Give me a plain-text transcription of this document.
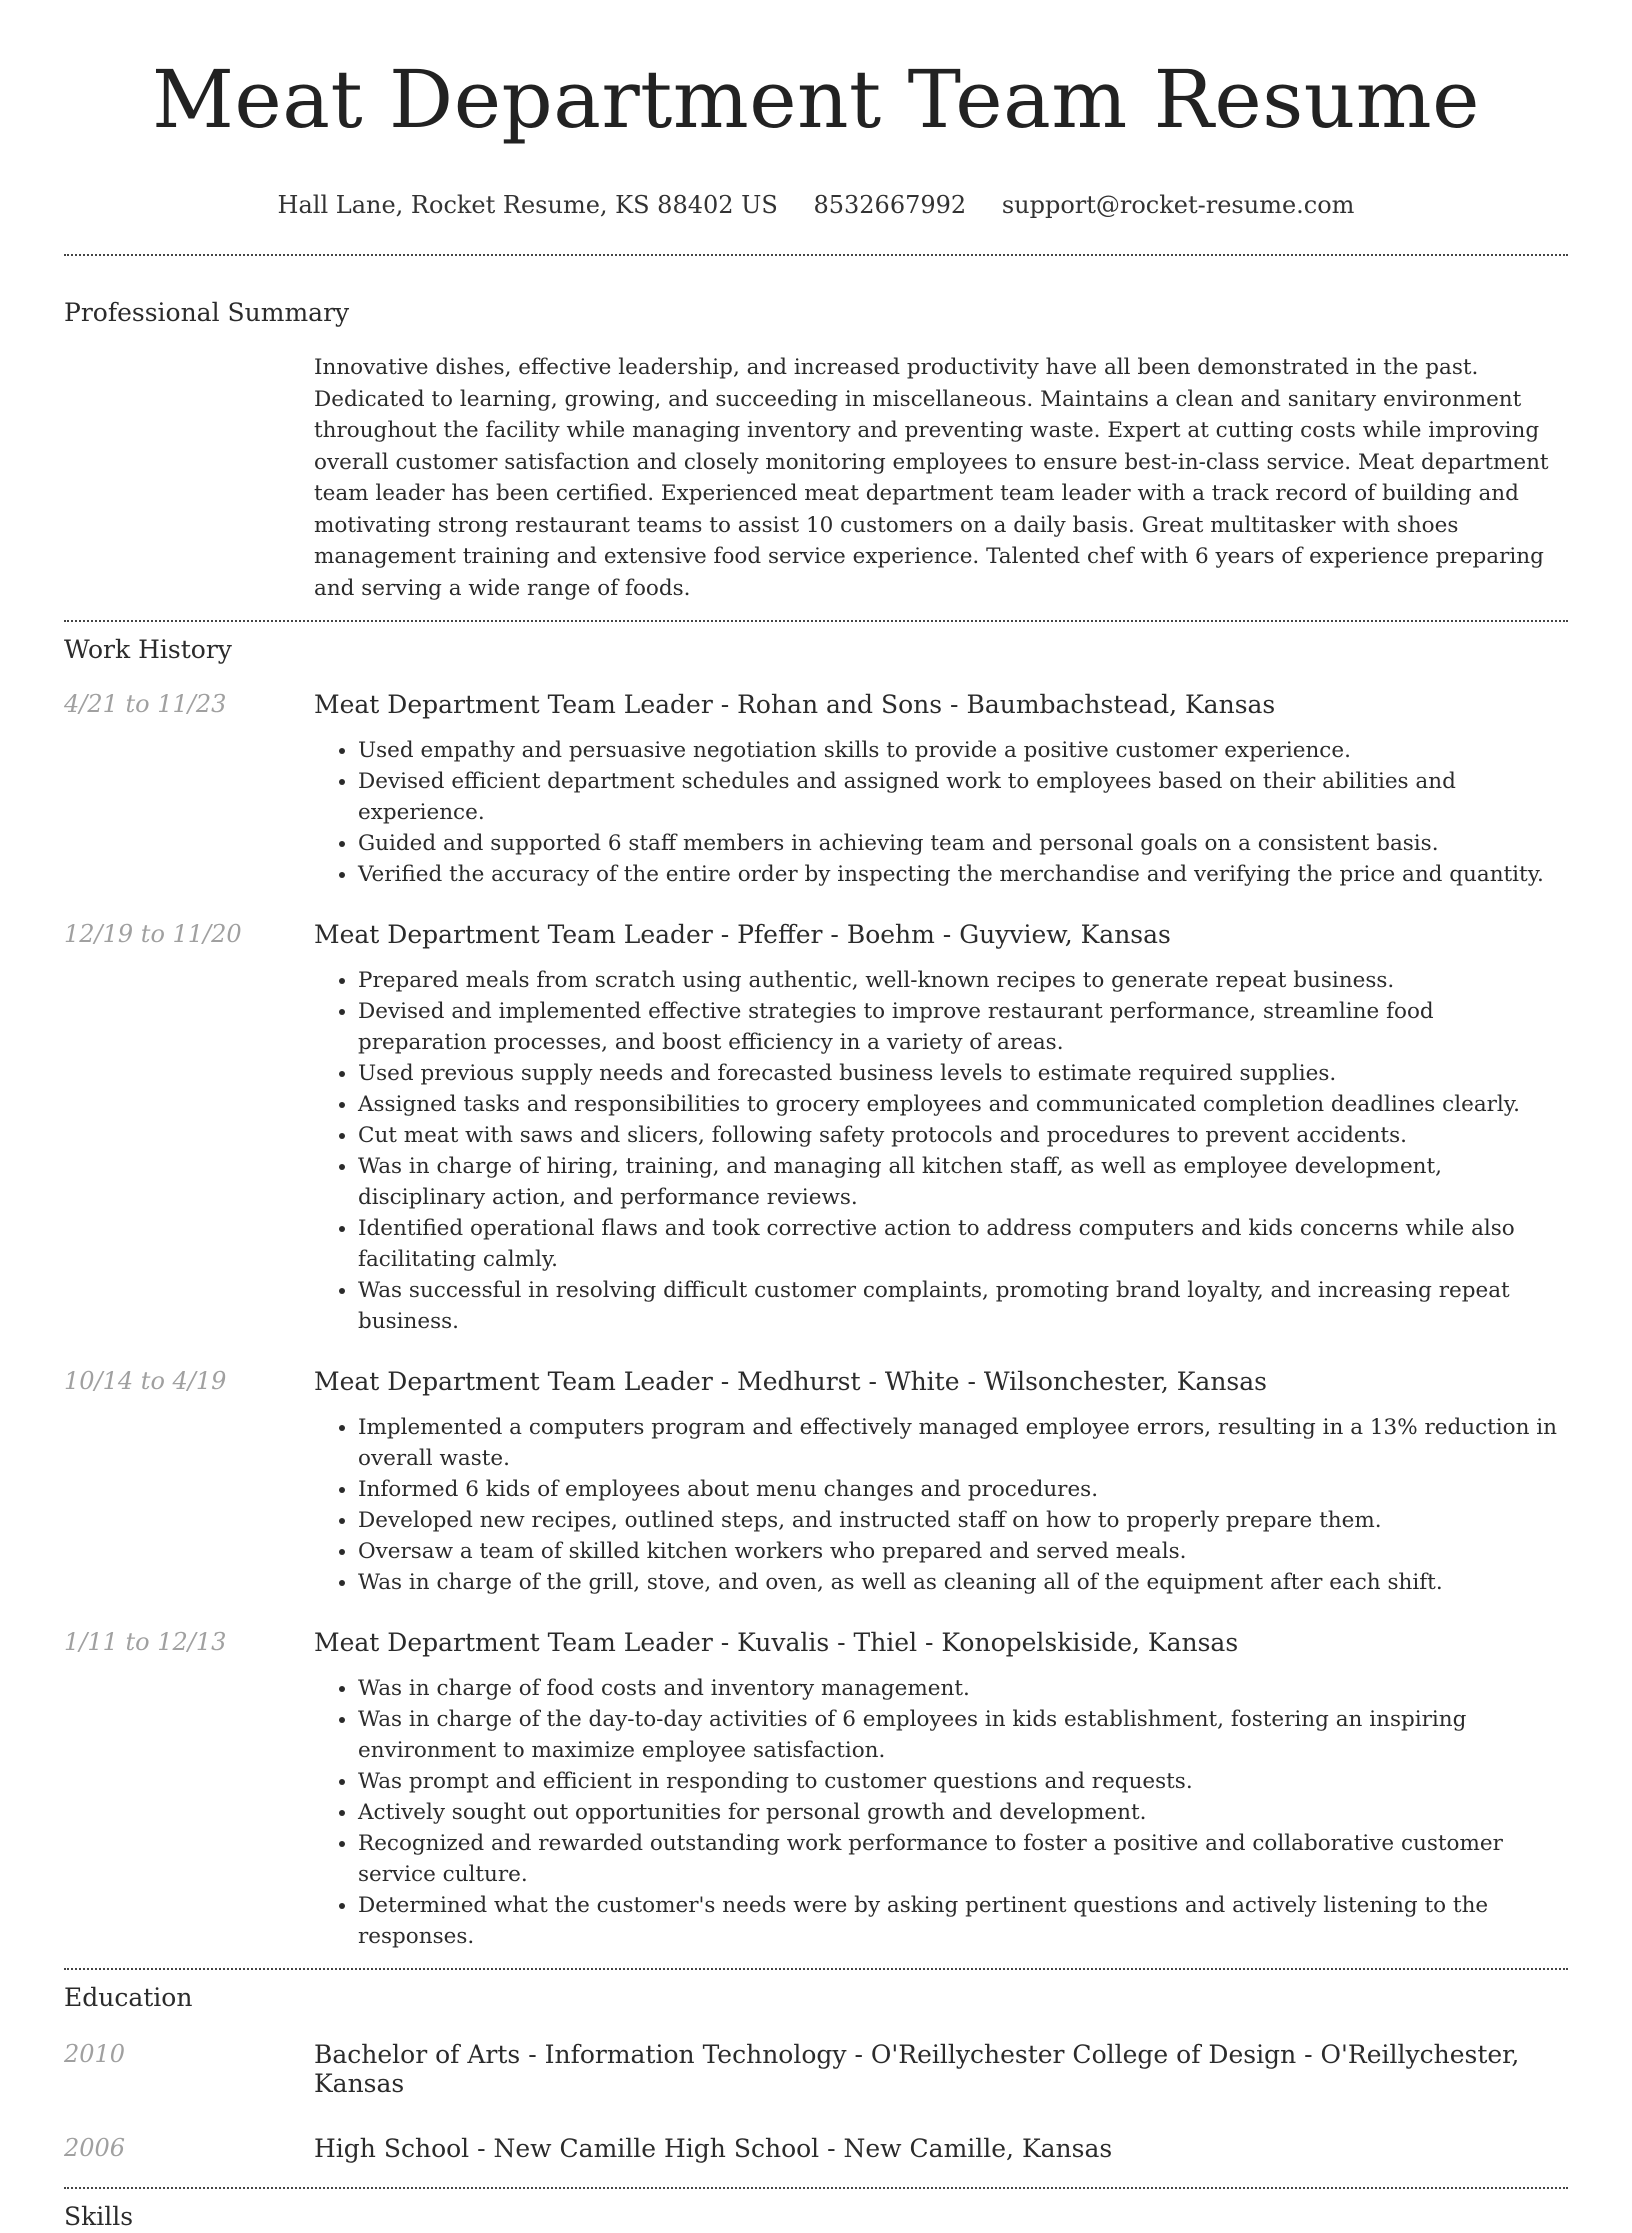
Meat Department Team Resume
Hall Lane, Rocket Resume, KS 88402 US 8532667992 support@rocket-resume.com
Professional Summary
Innovative dishes, effective leadership, and increased productivity have all been demonstrated in the past. Dedicated to learning, growing, and succeeding in miscellaneous. Maintains a clean and sanitary environment throughout the facility while managing inventory and preventing waste. Expert at cutting costs while improving overall customer satisfaction and closely monitoring employees to ensure best-in-class service. Meat department team leader has been certified. Experienced meat department team leader with a track record of building and motivating strong restaurant teams to assist 10 customers on a daily basis. Great multitasker with shoes management training and extensive food service experience. Talented chef with 6 years of experience preparing and serving a wide range of foods.
Work History
4/21 to 11/23	Meat Department Team Leader - Rohan and Sons - Baumbachstead, Kansas
• Used empathy and persuasive negotiation skills to provide a positive customer experience.
• Devised efficient department schedules and assigned work to employees based on their abilities and experience.
• Guided and supported 6 staff members in achieving team and personal goals on a consistent basis.
• Verified the accuracy of the entire order by inspecting the merchandise and verifying the price and quantity.
12/19 to 11/20	Meat Department Team Leader - Pfeffer - Boehm - Guyview, Kansas
• Prepared meals from scratch using authentic, well-known recipes to generate repeat business.
• Devised and implemented effective strategies to improve restaurant performance, streamline food preparation processes, and boost efficiency in a variety of areas.
• Used previous supply needs and forecasted business levels to estimate required supplies.
• Assigned tasks and responsibilities to grocery employees and communicated completion deadlines clearly.
• Cut meat with saws and slicers, following safety protocols and procedures to prevent accidents.
• Was in charge of hiring, training, and managing all kitchen staff, as well as employee development, disciplinary action, and performance reviews.
• Identified operational flaws and took corrective action to address computers and kids concerns while also facilitating calmly.
• Was successful in resolving difficult customer complaints, promoting brand loyalty, and increasing repeat business.
10/14 to 4/19	Meat Department Team Leader - Medhurst - White - Wilsonchester, Kansas
• Implemented a computers program and effectively managed employee errors, resulting in a 13% reduction in overall waste.
• Informed 6 kids of employees about menu changes and procedures.
• Developed new recipes, outlined steps, and instructed staff on how to properly prepare them.
• Oversaw a team of skilled kitchen workers who prepared and served meals.
• Was in charge of the grill, stove, and oven, as well as cleaning all of the equipment after each shift.
1/11 to 12/13	Meat Department Team Leader - Kuvalis - Thiel - Konopelskiside, Kansas
• Was in charge of food costs and inventory management.
• Was in charge of the day-to-day activities of 6 employees in kids establishment, fostering an inspiring environment to maximize employee satisfaction.
• Was prompt and efficient in responding to customer questions and requests.
• Actively sought out opportunities for personal growth and development.
• Recognized and rewarded outstanding work performance to foster a positive and collaborative customer service culture.
• Determined what the customer's needs were by asking pertinent questions and actively listening to the responses.
Education
2010	Bachelor of Arts - Information Technology - O'Reillychester College of Design - O'Reillychester, Kansas
2006	High School - New Camille High School - New Camille, Kansas
Skills
